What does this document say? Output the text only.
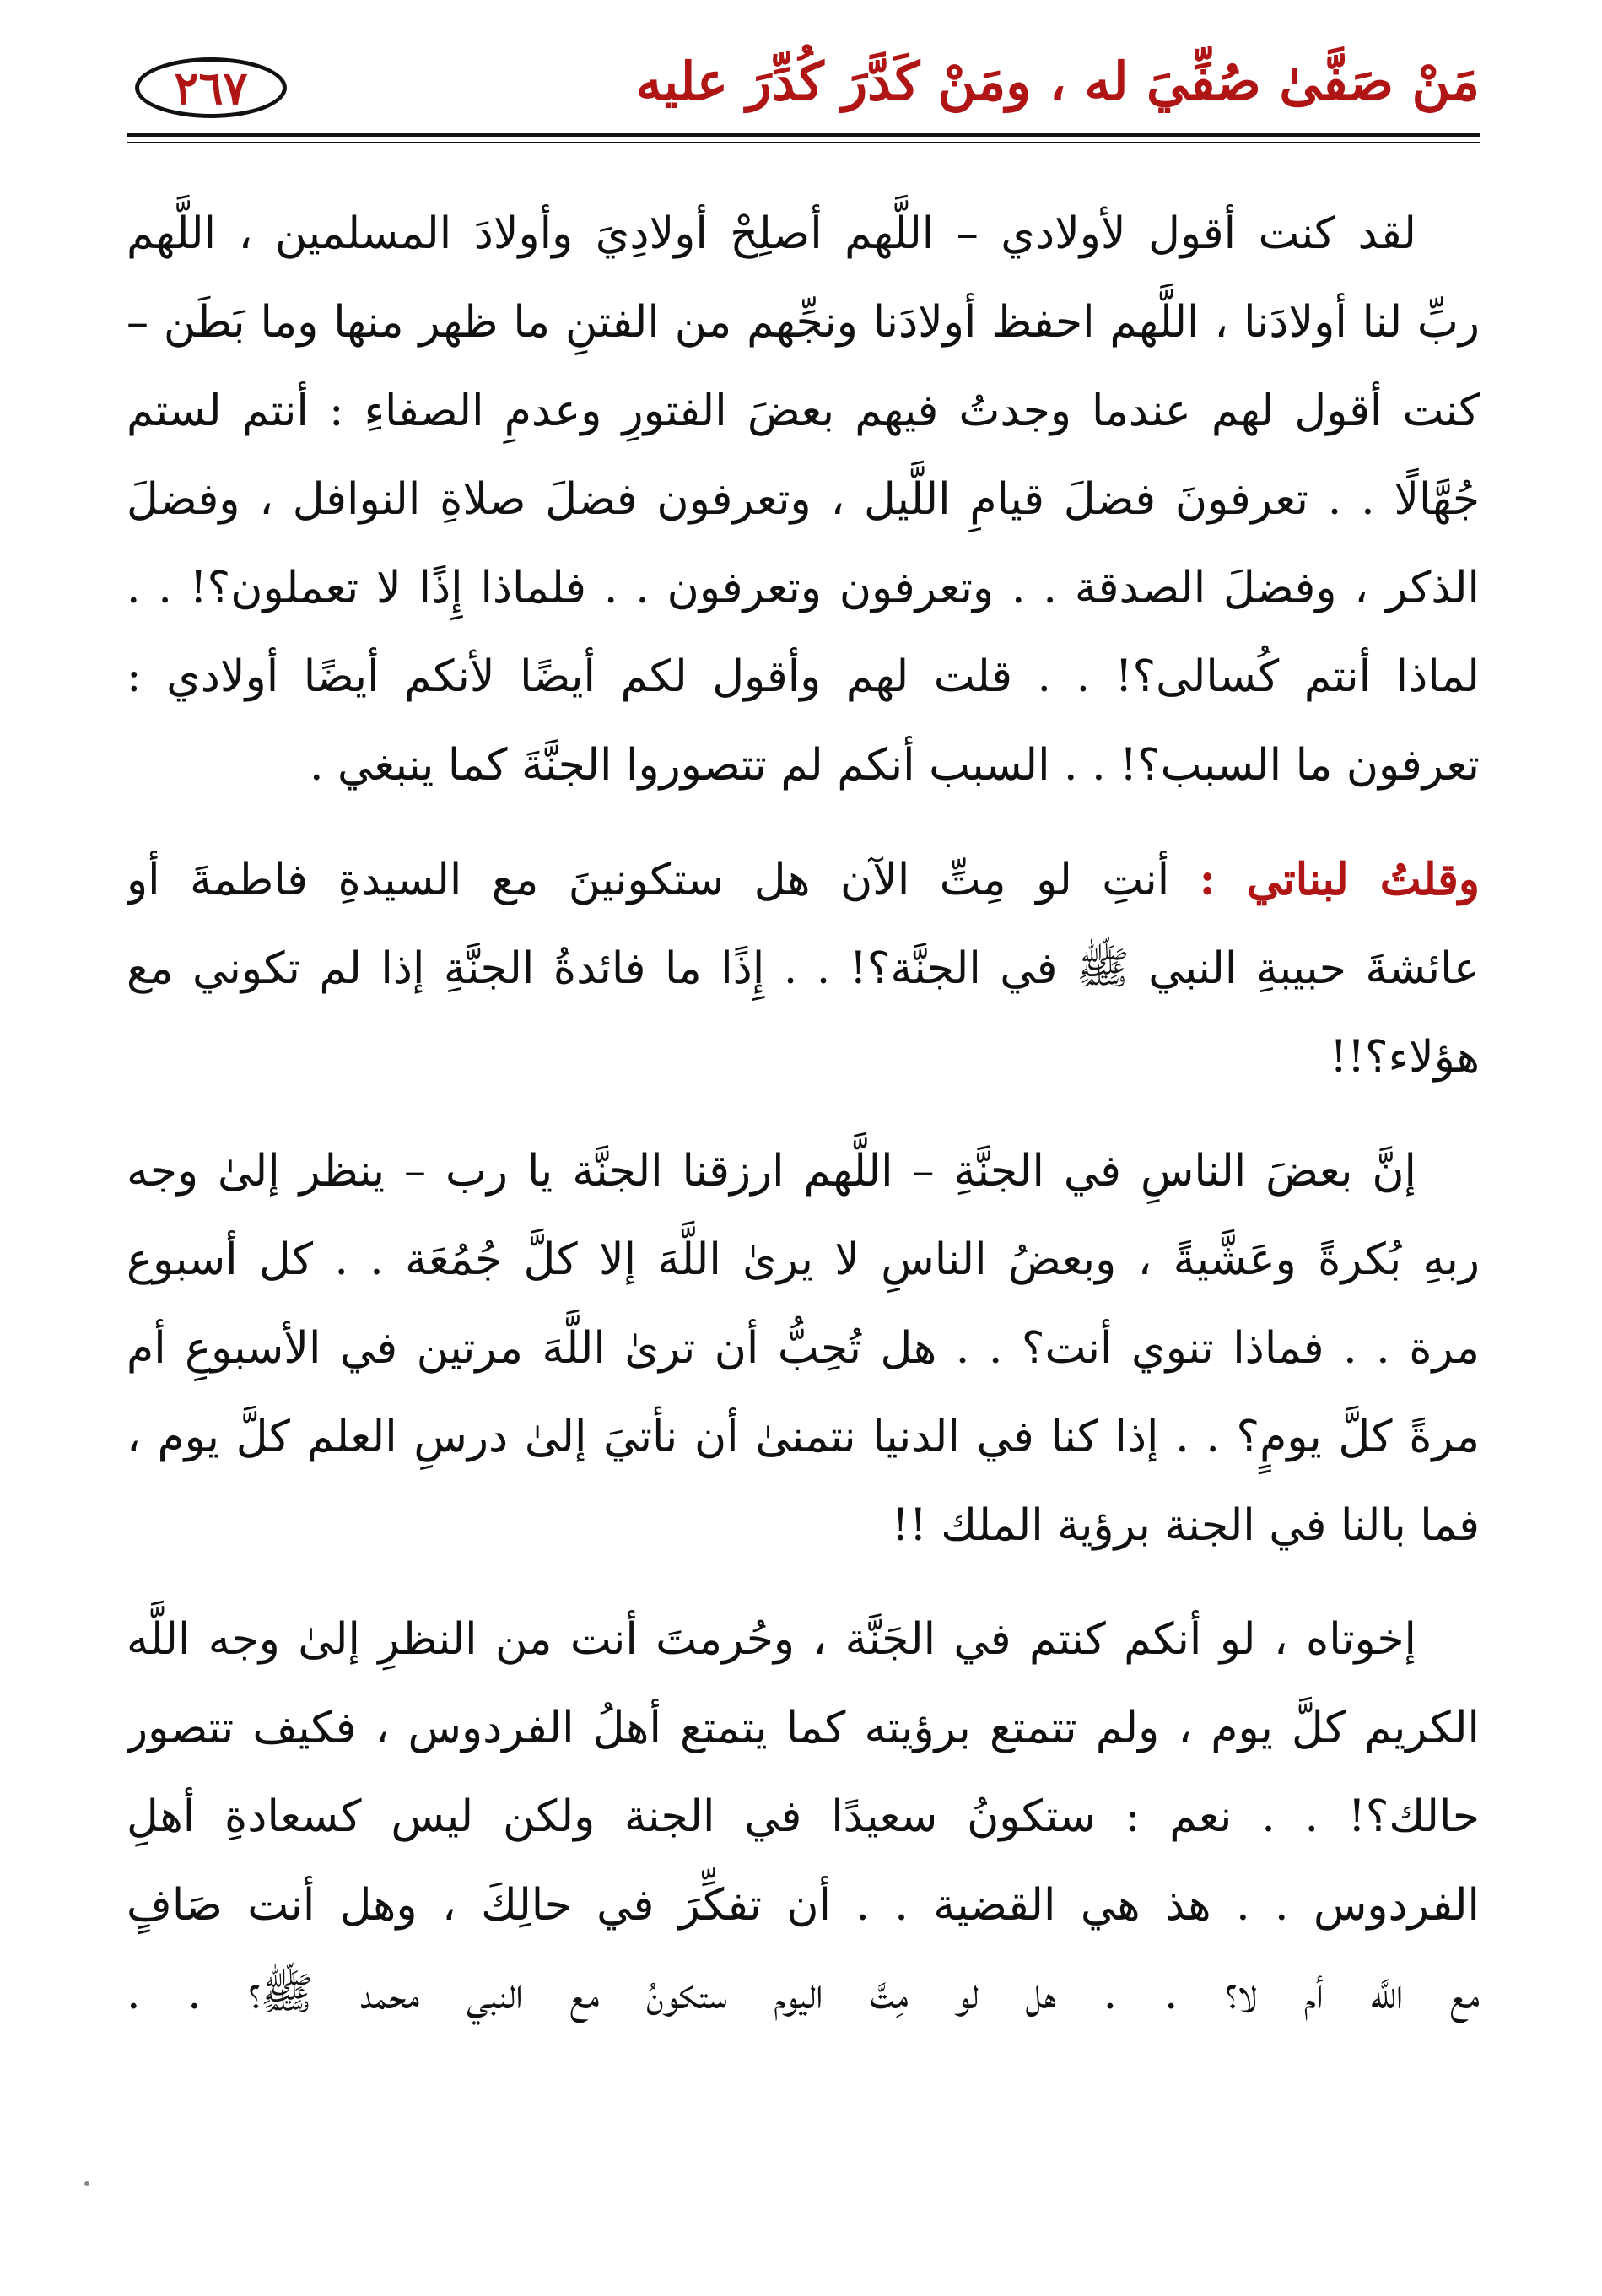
مَنْ صَفَّىٰ صُفِّيَ له ، ومَنْ كَدَّرَ كُدِّرَ عليه
٢٦٧
لقد كنت أقول لأولادي – اللَّهم أصلِحْ أولادِيَ وأولادَ المسلمين ، اللَّهم
ربِّ لنا أولادَنا ، اللَّهم احفظ أولادَنا ونجِّهم من الفتنِ ما ظهر منها وما بَطَن –
كنت أقول لهم عندما وجدتُ فيهم بعضَ الفتورِ وعدمِ الصفاءِ : أنتم لستم
جُهَّالًا . . تعرفونَ فضلَ قيامِ اللَّيل ، وتعرفون فضلَ صلاةِ النوافل ، وفضلَ
الذكر ، وفضلَ الصدقة . . وتعرفون وتعرفون . . فلماذا إِذًا لا تعملون؟! . .
لماذا أنتم كُسالى؟! . . قلت لهم وأقول لكم أيضًا لأنكم أيضًا أولادي :
تعرفون ما السبب؟! . . السبب أنكم لم تتصوروا الجنَّةَ كما ينبغي .
وقلتُ لبناتي : أنتِ لو مِتِّ الآن هل ستكونينَ مع السيدةِ فاطمةَ أو
عائشةَ حبيبةِ النبي ﷺ في الجنَّة؟! . . إِذًا ما فائدةُ الجنَّةِ إذا لم تكوني مع
هؤلاء؟!!
إنَّ بعضَ الناسِ في الجنَّةِ – اللَّهم ارزقنا الجنَّة يا رب – ينظر إلىٰ وجه
ربهِ بُكرةً وعَشَّيةً ، وبعضُ الناسِ لا يرىٰ اللَّهَ إلا كلَّ جُمُعَة . . كل أسبوع
مرة . . فماذا تنوي أنت؟ . . هل تُحِبُّ أن ترىٰ اللَّهَ مرتين في الأسبوعِ أم
مرةً كلَّ يومٍ؟ . . إذا كنا في الدنيا نتمنىٰ أن نأتيَ إلىٰ درسِ العلم كلَّ يوم ،
فما بالنا في الجنة برؤية الملك !!
إخوتاه ، لو أنكم كنتم في الجَنَّة ، وحُرمتَ أنت من النظرِ إلىٰ وجه اللَّه
الكريم كلَّ يوم ، ولم تتمتع برؤيته كما يتمتع أهلُ الفردوس ، فكيف تتصور
حالك؟! . . نعم : ستكونُ سعيدًا في الجنة ولكن ليس كسعادةِ أهلِ
الفردوس . . هذ هي القضية . . أن تفكِّرَ في حالِكَ ، وهل أنت صَافٍ
مع اللَّه أم لا؟ . . هل لو مِتَّ اليوم ستكونُ مع النبي محمد ﷺ؟ . .
